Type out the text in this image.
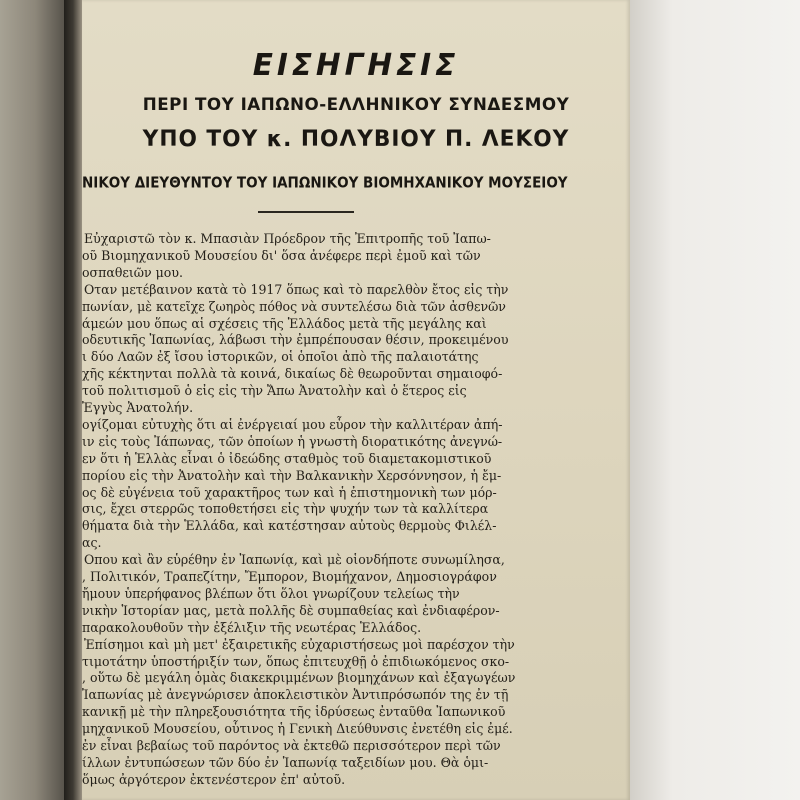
ΕΙΣΗΓΗΣΙΣ
ΠΕΡΙ ΤΟΥ ΙΑΠΩΝΟ-ΕΛΛΗΝΙΚΟΥ ΣΥΝΔΕΣΜΟΥ
ΥΠΟ ΤΟΥ κ. ΠΟΛΥΒΙΟΥ Π. ΛΕΚΟΥ
ΝΙΚΟΥ ΔΙΕΥΘΥΝΤΟΥ ΤΟΥ ΙΑΠΩΝΙΚΟΥ ΒΙΟΜΗΧΑΝΙΚΟΥ ΜΟΥΣΕΙΟΥ
Εὐχαριστῶ τὸν κ. Μπασιὰν Πρόεδρον τῆς Ἐπιτροπῆς τοῦ Ἰαπω-
οῦ Βιομηχανικοῦ Μουσείου δι' ὅσα ἀνέφερε περὶ ἐμοῦ καὶ τῶν
οσπαθειῶν μου.
Οταν μετέβαινον κατὰ τὸ 1917 ὅπως καὶ τὸ παρελθὸν ἔτος εἰς τὴν
πωνίαν, μὲ κατεῖχε ζωηρὸς πόθος νὰ συντελέσω διὰ τῶν ἀσθενῶν
άμεών μου ὅπως αἱ σχέσεις τῆς Ἑλλάδος μετὰ τῆς μεγάλης καὶ
οδευτικῆς Ἰαπωνίας, λάβωσι τὴν ἐμπρέπουσαν θέσιν, προκειμένου
ι δύο Λαῶν ἐξ ἴσου ἱστορικῶν, οἱ ὁποῖοι ἀπὸ τῆς παλαιοτάτης
χῆς κέκτηνται πολλὰ τὰ κοινά, δικαίως δὲ θεωροῦνται σημαιοφό-
τοῦ πολιτισμοῦ ὁ εἰς εἰς τὴν Ἄπω Ἀνατολὴν καὶ ὁ ἕτερος εἰς
Ἐγγὺς Ἀνατολήν.
ογίζομαι εὐτυχὴς ὅτι αἱ ἐνέργειαί μου εὗρον τὴν καλλιτέραν ἀπή-
ιν εἰς τοὺς Ἰάπωνας, τῶν ὁποίων ἡ γνωστὴ διορατικότης ἀνεγνώ-
εν ὅτι ἡ Ἑλλὰς εἶναι ὁ ἰδεώδης σταθμὸς τοῦ διαμετακομιστικοῦ
πορίου εἰς τὴν Ἀνατολὴν καὶ τὴν Βαλκανικὴν Χερσόννησον, ἡ ἔμ-
ος δὲ εὐγένεια τοῦ χαρακτῆρος των καὶ ἡ ἐπιστημονικὴ των μόρ-
σις, ἔχει στερρῶς τοποθετήσει εἰς τὴν ψυχήν των τὰ καλλίτερα
θήματα διὰ τὴν Ἑλλάδα, καὶ κατέστησαν αὐτοὺς θερμοὺς Φιλέλ-
ας.
Οπου καὶ ἂν εὑρέθην ἐν Ἰαπωνίᾳ, καὶ μὲ οἱονδήποτε συνωμίλησα,
, Πολιτικόν, Τραπεζίτην, Ἔμπορον, Βιομήχανον, Δημοσιογράφον
ἤμουν ὑπερήφανος βλέπων ὅτι ὅλοι γνωρίζουν τελείως τὴν
νικὴν Ἱστορίαν μας, μετὰ πολλῆς δὲ συμπαθείας καὶ ἐνδιαφέρον-
παρακολουθοῦν τὴν ἐξέλιξιν τῆς νεωτέρας Ἑλλάδος.
Ἐπίσημοι καὶ μὴ μετ' ἐξαιρετικῆς εὐχαριστήσεως μοὶ παρέσχον τὴν
τιμοτάτην ὑποστήριξίν των, ὅπως ἐπιτευχθῇ ὁ ἐπιδιωκόμενος σκο-
, οὕτω δὲ μεγάλη ὁμὰς διακεκριμμένων βιομηχάνων καὶ ἐξαγωγέων
Ἰαπωνίας μὲ ἀνεγνώρισεν ἀποκλειστικὸν Ἀντιπρόσωπόν της ἐν τῇ
κανικῇ μὲ τὴν πληρεξουσιότητα τῆς ἱδρύσεως ἐνταῦθα Ἰαπωνικοῦ
μηχανικοῦ Μουσείου, οὗτινος ἡ Γενικὴ Διεύθυνσις ἐνετέθη εἰς ἐμέ.
ἐν εἶναι βεβαίως τοῦ παρόντος νὰ ἐκτεθῶ περισσότερον περὶ τῶν
ίλλων ἐντυπώσεων τῶν δύο ἐν Ἰαπωνίᾳ ταξειδίων μου. Θὰ ὁμι-
ὅμως ἀργότερον ἐκτενέστερον ἐπ' αὐτοῦ.
